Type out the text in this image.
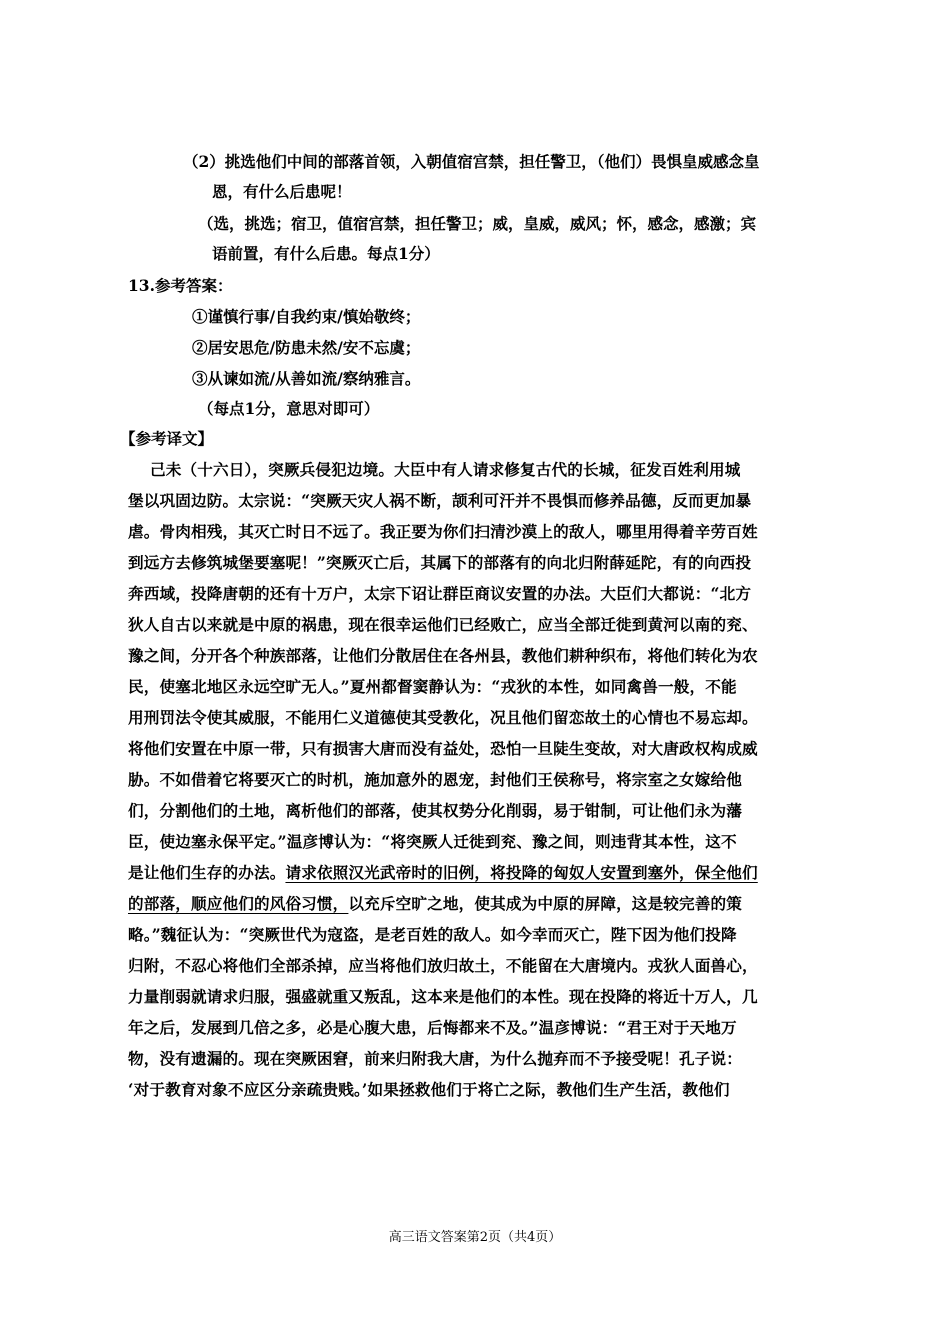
（2）挑选他们中间的部落首领，入朝值宿宫禁，担任警卫，（他们）畏惧皇威感念皇
恩，有什么后患呢！
（选，挑选；宿卫，值宿宫禁，担任警卫；威，皇威，威风；怀，感念，感激；宾
语前置，有什么后患。每点1分）
13.参考答案：
①谨慎行事/自我约束/慎始敬终；
②居安思危/防患未然/安不忘虞；
③从谏如流/从善如流/察纳雅言。
（每点1分，意思对即可）
【参考译文】
己未（十六日），突厥兵侵犯边境。大臣中有人请求修复古代的长城，征发百姓利用城
堡以巩固边防。太宗说：“突厥天灾人祸不断，颉利可汗并不畏惧而修养品德，反而更加暴
虐。骨肉相残，其灭亡时日不远了。我正要为你们扫清沙漠上的敌人，哪里用得着辛劳百姓
到远方去修筑城堡要塞呢！”突厥灭亡后，其属下的部落有的向北归附薛延陀，有的向西投
奔西域，投降唐朝的还有十万户，太宗下诏让群臣商议安置的办法。大臣们大都说：“北方
狄人自古以来就是中原的祸患，现在很幸运他们已经败亡，应当全部迁徙到黄河以南的兖、
豫之间，分开各个种族部落，让他们分散居住在各州县，教他们耕种织布，将他们转化为农
民，使塞北地区永远空旷无人。”夏州都督窦静认为：“戎狄的本性，如同禽兽一般，不能
用刑罚法令使其威服，不能用仁义道德使其受教化，况且他们留恋故土的心情也不易忘却。
将他们安置在中原一带，只有损害大唐而没有益处，恐怕一旦陡生变故，对大唐政权构成威
胁。不如借着它将要灭亡的时机，施加意外的恩宠，封他们王侯称号，将宗室之女嫁给他
们，分割他们的土地，离析他们的部落，使其权势分化削弱，易于钳制，可让他们永为藩
臣，使边塞永保平定。”温彦博认为：“将突厥人迁徙到兖、豫之间，则违背其本性，这不
是让他们生存的办法。请求依照汉光武帝时的旧例，将投降的匈奴人安置到塞外，保全他们
的部落，顺应他们的风俗习惯，以充斥空旷之地，使其成为中原的屏障，这是较完善的策
略。”魏征认为：“突厥世代为寇盗，是老百姓的敌人。如今幸而灭亡，陛下因为他们投降
归附，不忍心将他们全部杀掉，应当将他们放归故土，不能留在大唐境内。戎狄人面兽心，
力量削弱就请求归服，强盛就重又叛乱，这本来是他们的本性。现在投降的将近十万人，几
年之后，发展到几倍之多，必是心腹大患，后悔都来不及。”温彦博说：“君王对于天地万
物，没有遗漏的。现在突厥困窘，前来归附我大唐，为什么抛弃而不予接受呢！孔子说：
‘对于教育对象不应区分亲疏贵贱。’如果拯救他们于将亡之际，教他们生产生活，教他们
高三语文答案第2页（共4页）
